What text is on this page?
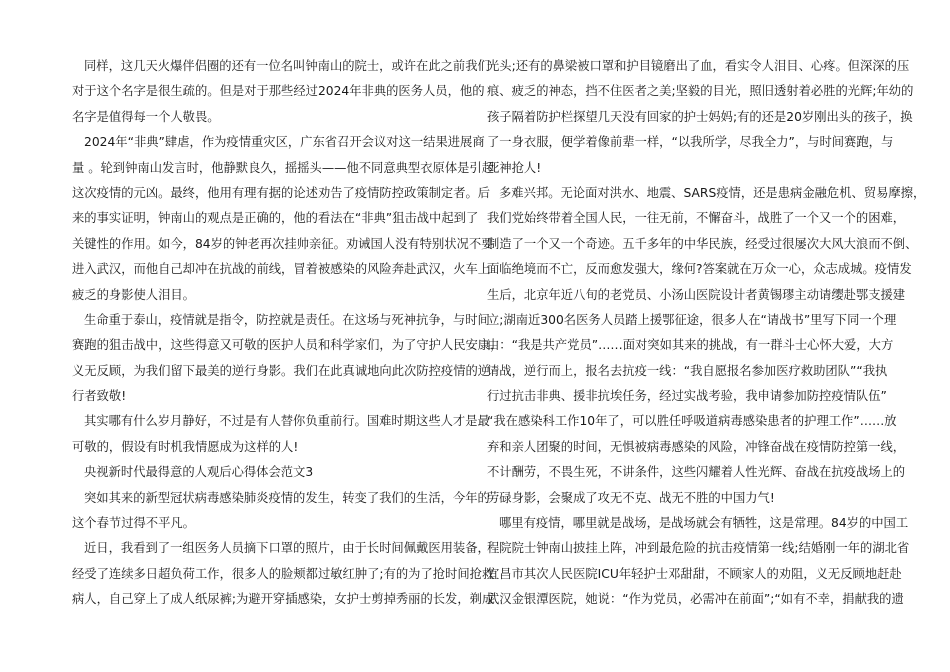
同样，这几天火爆伴侣圈的还有一位名叫钟南山的院士，或许在此之前我们
对于这个名字是很生疏的。但是对于那些经过2024年非典的医务人员，他的
名字是值得每一个人敬畏。
2024年“非典”肆虐，作为疫情重灾区，广东省召开会议对这一结果进展商
量 。轮到钟南山发言时，他静默良久，摇摇头——他不同意典型衣原体是引起
这次疫情的元凶。最终，他用有理有据的论述劝告了疫情防控政策制定者。后
来的事实证明，钟南山的观点是正确的，他的看法在“非典”狙击战中起到了
关键性的作用。如今，84岁的钟老再次挂帅亲征。劝诫国人没有特别状况不要
进入武汉，而他自己却冲在抗战的前线，冒着被感染的风险奔赴武汉，火车上
疲乏的身影使人泪目。
生命重于泰山，疫情就是指令，防控就是责任。在这场与死神抗争，与时间
赛跑的狙击战中，这些得意又可敬的医护人员和科学家们，为了守护人民安康，
义无反顾，为我们留下最美的逆行身影。我们在此真诚地向此次防控疫情的逆
行者致敬!
其实哪有什么岁月静好，不过是有人替你负重前行。国难时期这些人才是最
可敬的，假设有时机我情愿成为这样的人!
央视新时代最得意的人观后心得体会范文3
突如其来的新型冠状病毒感染肺炎疫情的发生，转变了我们的生活，今年的
这个春节过得不平凡。
近日，我看到了一组医务人员摘下口罩的照片，由于长时间佩戴医用装备，
经受了连续多日超负荷工作，很多人的脸颊都过敏红肿了;有的为了抢时间抢救
病人，自己穿上了成人纸尿裤;为避开穿插感染，女护士剪掉秀丽的长发，剃成
光头;还有的鼻梁被口罩和护目镜磨出了血，看实令人泪目、心疼。但深深的压
痕、疲乏的神态，挡不住医者之美;坚毅的目光，照旧透射着必胜的光辉;年幼的
孩子隔着防护栏探望几天没有回家的护士妈妈;有的还是20岁刚出头的孩子，换
了一身衣服，便学着像前辈一样，“以我所学，尽我全力”，与时间赛跑，与
死神抢人!
多难兴邦。无论面对洪水、地震、SARS疫情，还是患病金融危机、贸易摩擦，
我们党始终带着全国人民，一往无前，不懈奋斗，战胜了一个又一个的困难，
制造了一个又一个奇迹。五千多年的中华民族，经受过很屡次大风大浪而不倒、
面临绝境而不亡，反而愈发强大，缘何?答案就在万众一心，众志成城。疫情发
生后，北京年近八旬的老党员、小汤山医院设计者黄锡璆主动请缨赴鄂支援建
立;湖南近300名医务人员踏上援鄂征途，很多人在“请战书”里写下同一个理
由：“我是共产党员”……面对突如其来的挑战，有一群斗士心怀大爱，大方
请战，逆行而上，报名去抗疫一线：“我自愿报名参加医疗救助团队”“我执
行过抗击非典、援非抗埃任务，经过实战考验，我申请参加防控疫情队伍”
“我在感染科工作10年了，可以胜任呼吸道病毒感染患者的护理工作”……放
弃和亲人团聚的时间，无惧被病毒感染的风险，冲锋奋战在疫情防控第一线，
不计酬劳，不畏生死，不讲条件，这些闪耀着人性光辉、奋战在抗疫战场上的
劳碌身影，会聚成了攻无不克、战无不胜的中国力气!
哪里有疫情，哪里就是战场，是战场就会有牺牲，这是常理。84岁的中国工
程院院士钟南山披挂上阵，冲到最危险的抗击疫情第一线;结婚刚一年的湖北省
宜昌市其次人民医院ICU年轻护士邓甜甜，不顾家人的劝阻，义无反顾地赶赴
武汉金银潭医院，她说：“作为党员，必需冲在前面”;“如有不幸，捐献我的遗
